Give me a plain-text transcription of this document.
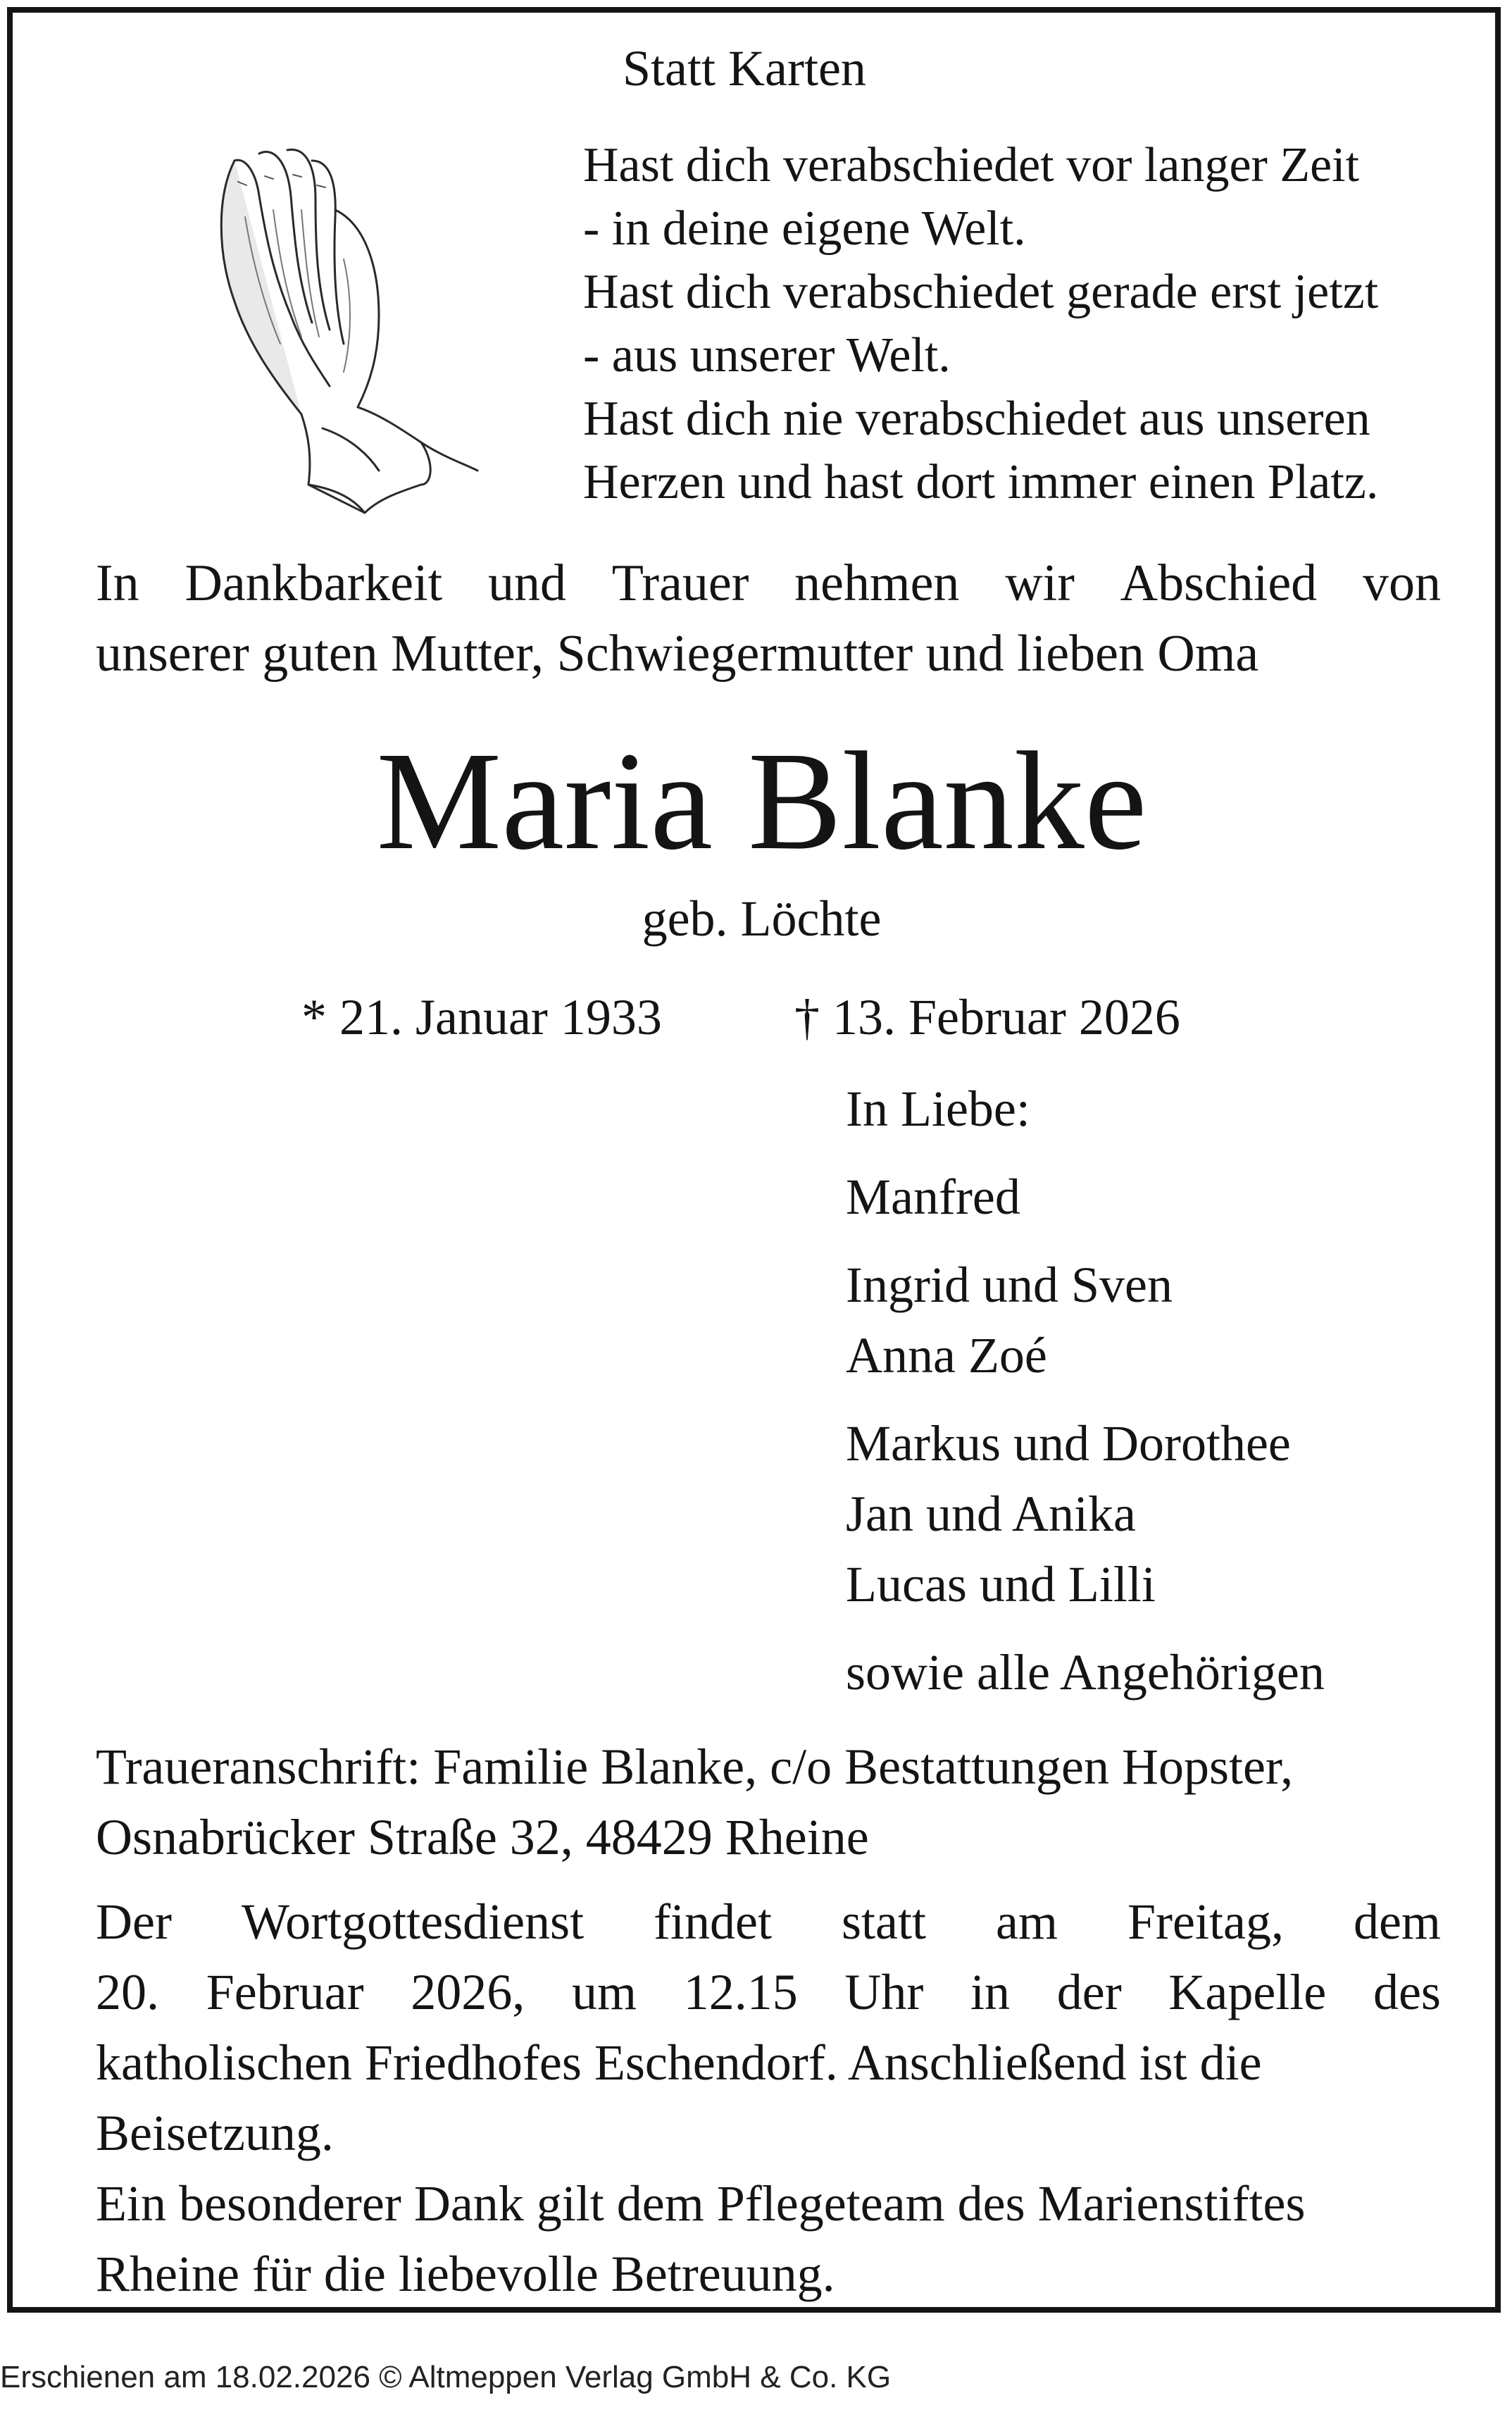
Statt Karten
Hast dich verabschiedet vor langer Zeit
- in deine eigene Welt.
Hast dich verabschiedet gerade erst jetzt
- aus unserer Welt.
Hast dich nie verabschiedet aus unseren
Herzen und hast dort immer einen Platz.
In Dankbarkeit und Trauer nehmen wir Abschied von
unserer guten Mutter, Schwiegermutter und lieben Oma
Maria Blanke
geb. Löchte
* 21. Januar 1933	† 13. Februar 2026
In Liebe:
Manfred
Ingrid und Sven
Anna Zoé
Markus und Dorothee
Jan und Anika
Lucas und Lilli
sowie alle Angehörigen
Traueranschrift: Familie Blanke, c/o Bestattungen Hopster,
Osnabrücker Straße 32, 48429 Rheine
Der Wortgottesdienst findet statt am Freitag, dem
20. Februar 2026, um 12.15 Uhr in der Kapelle des
katholischen Friedhofes Eschendorf. Anschließend ist die
Beisetzung.
Ein besonderer Dank gilt dem Pflegeteam des Marienstiftes
Rheine für die liebevolle Betreuung.
Erschienen am 18.02.2026 © Altmeppen Verlag GmbH & Co. KG
